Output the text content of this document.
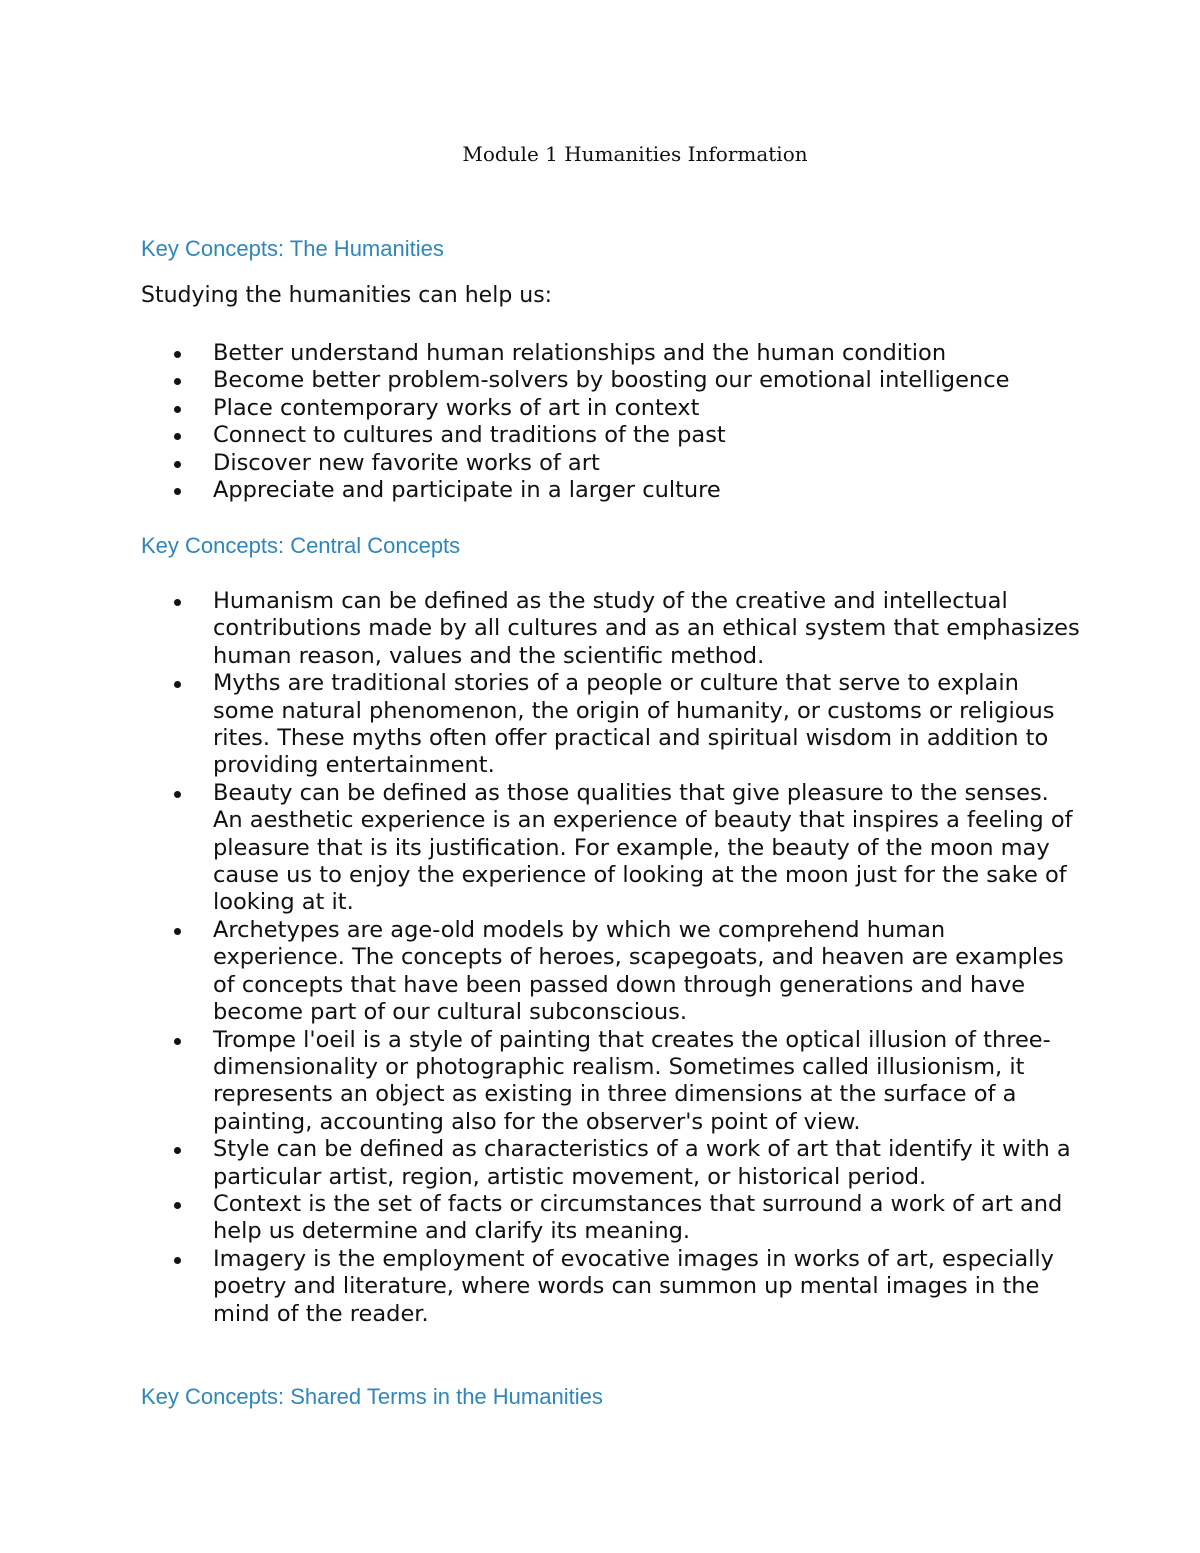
Module 1 Humanities Information
Key Concepts: The Humanities

Studying the humanities can help us:

Better understand human relationships and the human condition
Become better problem-solvers by boosting our emotional intelligence
Place contemporary works of art in context
Connect to cultures and traditions of the past
Discover new favorite works of art
Appreciate and participate in a larger culture
Key Concepts: Central Concepts
Humanism can be defined as the study of the creative and intellectual contributions made by all cultures and as an ethical system that emphasizes human reason, values and the scientific method.
Myths are traditional stories of a people or culture that serve to explain some natural phenomenon, the origin of humanity, or customs or religious rites. These myths often offer practical and spiritual wisdom in addition to providing entertainment.
Beauty can be defined as those qualities that give pleasure to the senses. An aesthetic experience is an experience of beauty that inspires a feeling of pleasure that is its justification. For example, the beauty of the moon may cause us to enjoy the experience of looking at the moon just for the sake of looking at it.
Archetypes are age-old models by which we comprehend human experience. The concepts of heroes, scapegoats, and heaven are examples of concepts that have been passed down through generations and have become part of our cultural subconscious.
Trompe l'oeil is a style of painting that creates the optical illusion of three-dimensionality or photographic realism. Sometimes called illusionism, it represents an object as existing in three dimensions at the surface of a painting, accounting also for the observer's point of view.
Style can be defined as characteristics of a work of art that identify it with a particular artist, region, artistic movement, or historical period.
Context is the set of facts or circumstances that surround a work of art and help us determine and clarify its meaning.
Imagery is the employment of evocative images in works of art, especially poetry and literature, where words can summon up mental images in the mind of the reader.
Key Concepts: Shared Terms in the Humanities
